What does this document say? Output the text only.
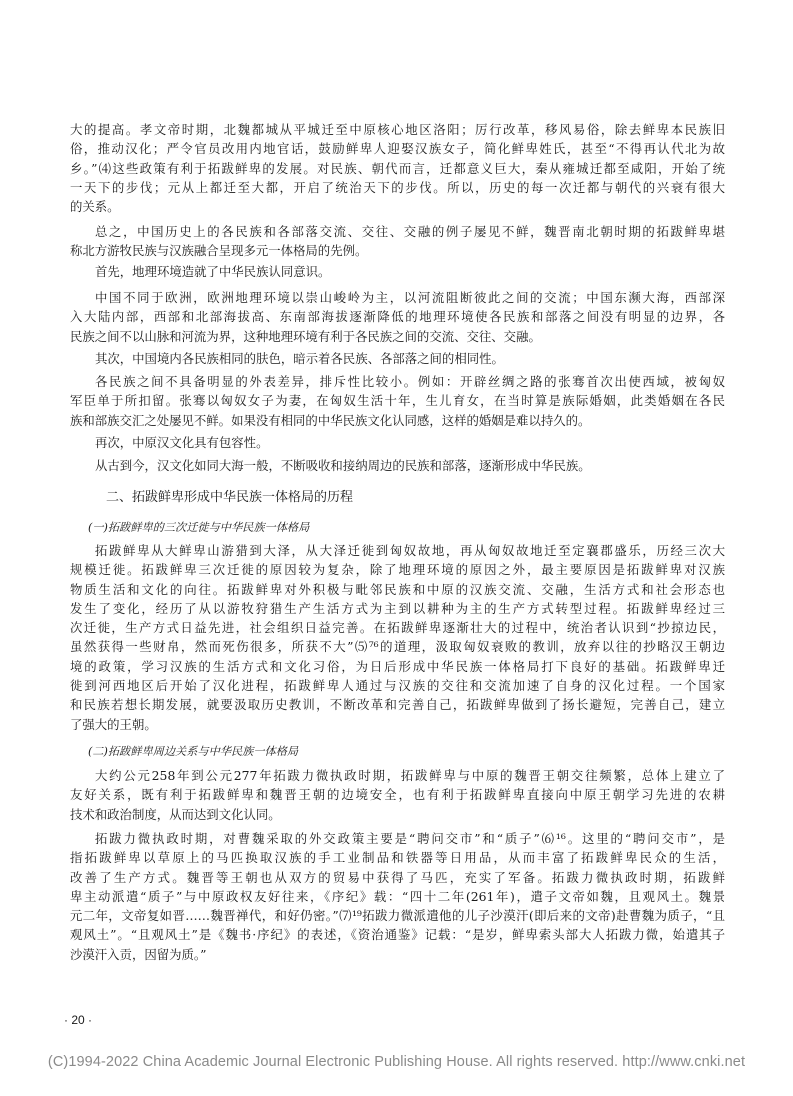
大的提高。孝文帝时期，北魏都城从平城迁至中原核心地区洛阳；厉行改革，移风易俗，除去鲜卑本民族旧
俗，推动汉化；严令官员改用内地官话，鼓励鲜卑人迎娶汉族女子，简化鲜卑姓氏，甚至“不得再认代北为故
乡。”⑷这些政策有利于拓跋鲜卑的发展。对民族、朝代而言，迁都意义巨大，秦从雍城迁都至咸阳，开始了统
一天下的步伐；元从上都迁至大都，开启了统治天下的步伐。所以，历史的每一次迁都与朝代的兴衰有很大
的关系。
总之，中国历史上的各民族和各部落交流、交往、交融的例子屡见不鲜，魏晋南北朝时期的拓跋鲜卑堪
称北方游牧民族与汉族融合呈现多元一体格局的先例。
首先，地理环境造就了中华民族认同意识。
中国不同于欧洲，欧洲地理环境以崇山峻岭为主，以河流阻断彼此之间的交流；中国东濒大海，西部深
入大陆内部，西部和北部海拔高、东南部海拔逐渐降低的地理环境使各民族和部落之间没有明显的边界，各
民族之间不以山脉和河流为界，这种地理环境有利于各民族之间的交流、交往、交融。
其次，中国境内各民族相同的肤色，暗示着各民族、各部落之间的相同性。
各民族之间不具备明显的外表差异，排斥性比较小。例如：开辟丝绸之路的张骞首次出使西域，被匈奴
军臣单于所扣留。张骞以匈奴女子为妻，在匈奴生活十年，生儿育女，在当时算是族际婚姻，此类婚姻在各民
族和部族交汇之处屡见不鲜。如果没有相同的中华民族文化认同感，这样的婚姻是难以持久的。
再次，中原汉文化具有包容性。
从古到今，汉文化如同大海一般，不断吸收和接纳周边的民族和部落，逐渐形成中华民族。
二、拓跋鲜卑形成中华民族一体格局的历程
(一)拓跋鲜卑的三次迁徙与中华民族一体格局
拓跋鲜卑从大鲜卑山游猎到大泽，从大泽迁徙到匈奴故地，再从匈奴故地迁至定襄郡盛乐，历经三次大
规模迁徙。拓跋鲜卑三次迁徙的原因较为复杂，除了地理环境的原因之外，最主要原因是拓跋鲜卑对汉族
物质生活和文化的向往。拓跋鲜卑对外积极与毗邻民族和中原的汉族交流、交融，生活方式和社会形态也
发生了变化，经历了从以游牧狩猎生产生活方式为主到以耕种为主的生产方式转型过程。拓跋鲜卑经过三
次迁徙，生产方式日益先进，社会组织日益完善。在拓跋鲜卑逐渐壮大的过程中，统治者认识到“抄掠边民，
虽然获得一些财帛，然而死伤很多，所获不大”⑸⁷⁶的道理，汲取匈奴衰败的教训，放弃以往的抄略汉王朝边
境的政策，学习汉族的生活方式和文化习俗，为日后形成中华民族一体格局打下良好的基础。拓跋鲜卑迁
徙到河西地区后开始了汉化进程，拓跋鲜卑人通过与汉族的交往和交流加速了自身的汉化过程。一个国家
和民族若想长期发展，就要汲取历史教训，不断改革和完善自己，拓跋鲜卑做到了扬长避短，完善自己，建立
了强大的王朝。
(二)拓跋鲜卑周边关系与中华民族一体格局
大约公元258年到公元277年拓跋力微执政时期，拓跋鲜卑与中原的魏晋王朝交往频繁，总体上建立了
友好关系，既有利于拓跋鲜卑和魏晋王朝的边境安全，也有利于拓跋鲜卑直接向中原王朝学习先进的农耕
技术和政治制度，从而达到文化认同。
拓跋力微执政时期，对曹魏采取的外交政策主要是“聘问交市”和“质子”⑹¹⁶。这里的“聘问交市”，是
指拓跋鲜卑以草原上的马匹换取汉族的手工业制品和铁器等日用品，从而丰富了拓跋鲜卑民众的生活，
改善了生产方式。魏晋等王朝也从双方的贸易中获得了马匹，充实了军备。拓跋力微执政时期，拓跋鲜
卑主动派遣“质子”与中原政权友好往来，《序纪》载：“四十二年(261年)，遣子文帝如魏，且观风土。魏景
元二年，文帝复如晋……魏晋禅代，和好仍密。”⑺¹⁹拓跋力微派遣他的儿子沙漠汗(即后来的文帝)赴曹魏为质子，“且
观风土”。“且观风土”是《魏书·序纪》的表述，《资治通鉴》记载：“是岁，鲜卑索头部大人拓跋力微，始遣其子
沙漠汗入贡，因留为质。”
· 20 ·
(C)1994-2022 China Academic Journal Electronic Publishing House. All rights reserved. http://www.cnki.net
